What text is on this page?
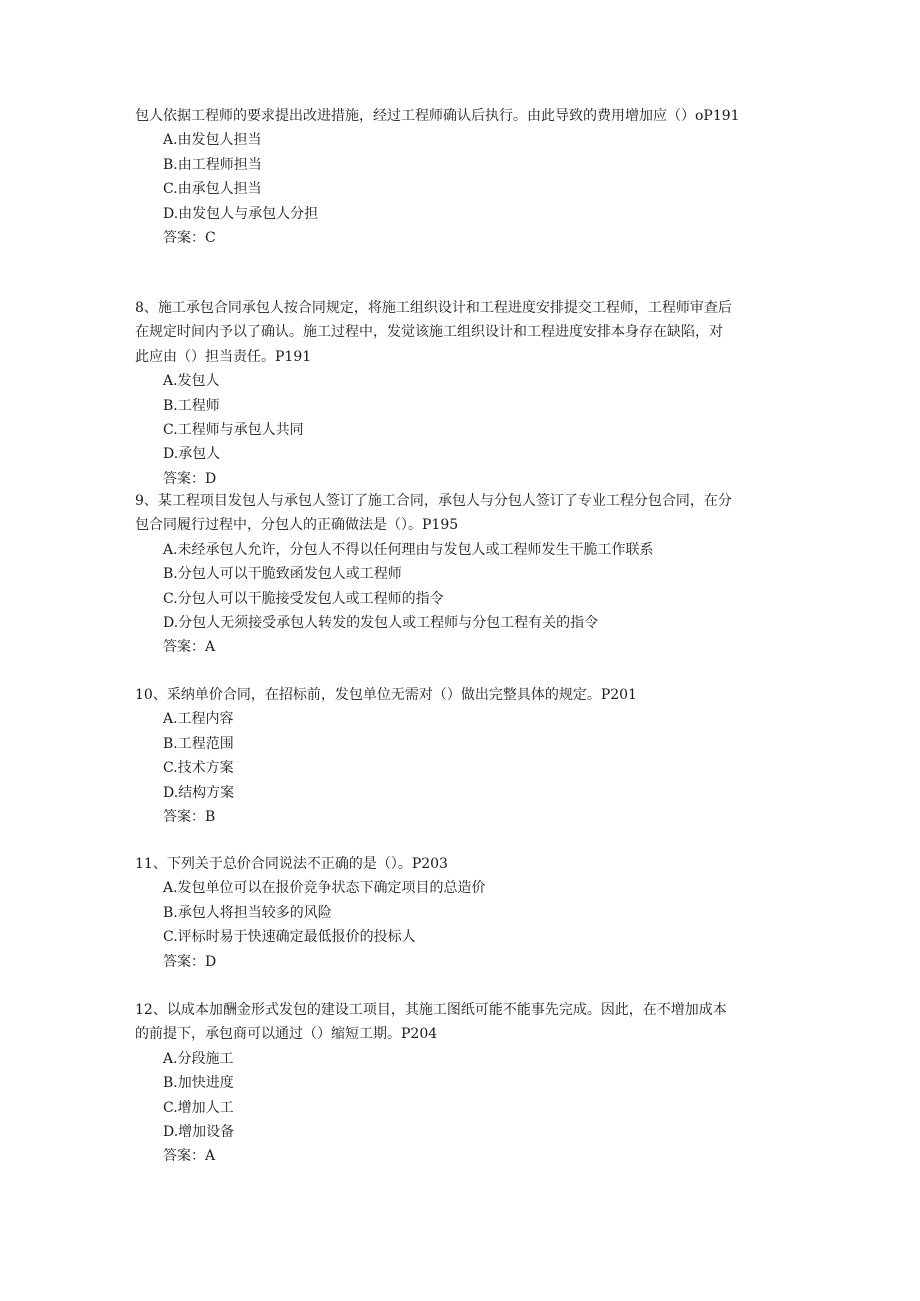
包人依据工程师的要求提出改进措施，经过工程师确认后执行。由此导致的费用增加应（）oP191
A.由发包人担当
B.由工程师担当
C.由承包人担当
D.由发包人与承包人分担
答案：C
8、施工承包合同承包人按合同规定，将施工组织设计和工程进度安排提交工程师，工程师审查后
在规定时间内予以了确认。施工过程中，发觉该施工组织设计和工程进度安排本身存在缺陷，对
此应由（）担当责任。P191
A.发包人
B.工程师
C.工程师与承包人共同
D.承包人
答案：D
9、某工程项目发包人与承包人签订了施工合同，承包人与分包人签订了专业工程分包合同，在分
包合同履行过程中，分包人的正确做法是（）。P195
A.未经承包人允许，分包人不得以任何理由与发包人或工程师发生干脆工作联系
B.分包人可以干脆致函发包人或工程师
C.分包人可以干脆接受发包人或工程师的指令
D.分包人无须接受承包人转发的发包人或工程师与分包工程有关的指令
答案：A
10、采纳单价合同，在招标前，发包单位无需对（）做出完整具体的规定。P201
A.工程内容
B.工程范围
C.技术方案
D.结构方案
答案：B
11、下列关于总价合同说法不正确的是（）。P203
A.发包单位可以在报价竞争状态下确定项目的总造价
B.承包人将担当较多的风险
C.评标时易于快速确定最低报价的投标人
答案：D
12、以成本加酬金形式发包的建设工项目，其施工图纸可能不能事先完成。因此，在不增加成本
的前提下，承包商可以通过（）缩短工期。P204
A.分段施工
B.加快进度
C.增加人工
D.增加设备
答案：A
